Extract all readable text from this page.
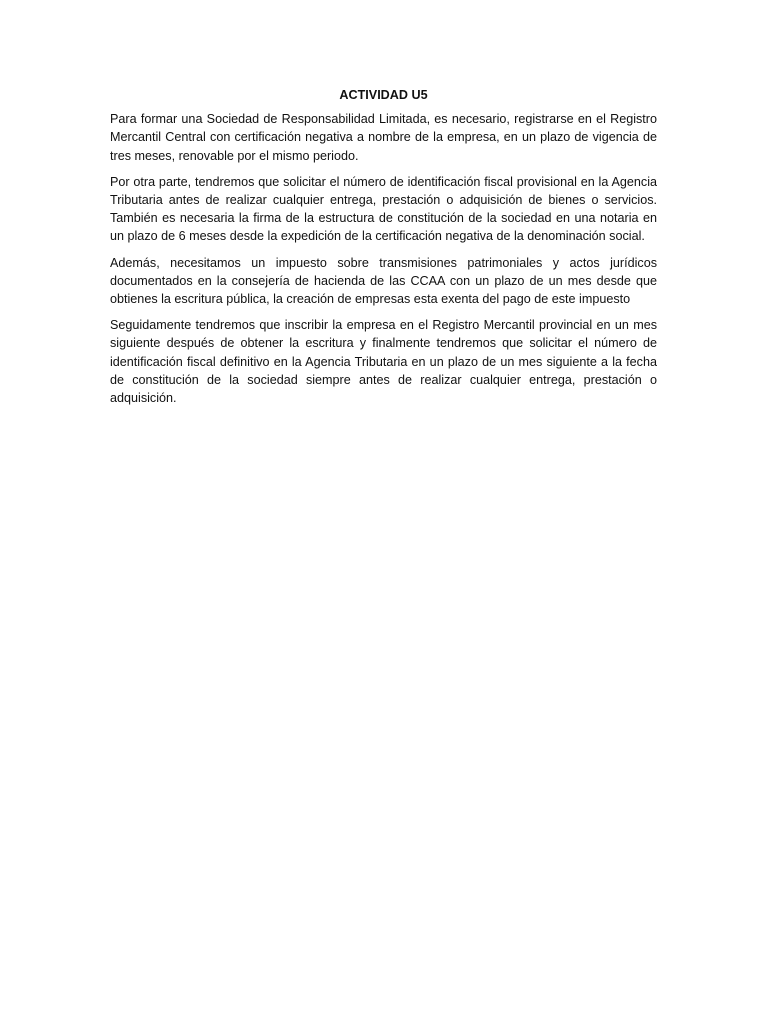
ACTIVIDAD U5

Para formar una Sociedad de Responsabilidad Limitada, es necesario, registrarse en el Registro Mercantil Central con certificación negativa a nombre de la empresa, en un plazo de vigencia de tres meses, renovable por el mismo periodo.

Por otra parte, tendremos que solicitar el número de identificación fiscal provisional en la Agencia Tributaria antes de realizar cualquier entrega, prestación o adquisición de bienes o servicios. También es necesaria la firma de la estructura de constitución de la sociedad en una notaria en un plazo de 6 meses desde la expedición de la certificación negativa de la denominación social.

Además, necesitamos un impuesto sobre transmisiones patrimoniales y actos jurídicos documentados en la consejería de hacienda de las CCAA con un plazo de un mes desde que obtienes la escritura pública, la creación de empresas esta exenta del pago de este impuesto

Seguidamente tendremos que inscribir la empresa en el Registro Mercantil provincial en un mes siguiente después de obtener la escritura y finalmente tendremos que solicitar el número de identificación fiscal definitivo en la Agencia Tributaria en un plazo de un mes siguiente a la fecha de constitución de la sociedad siempre antes de realizar cualquier entrega, prestación o adquisición.
